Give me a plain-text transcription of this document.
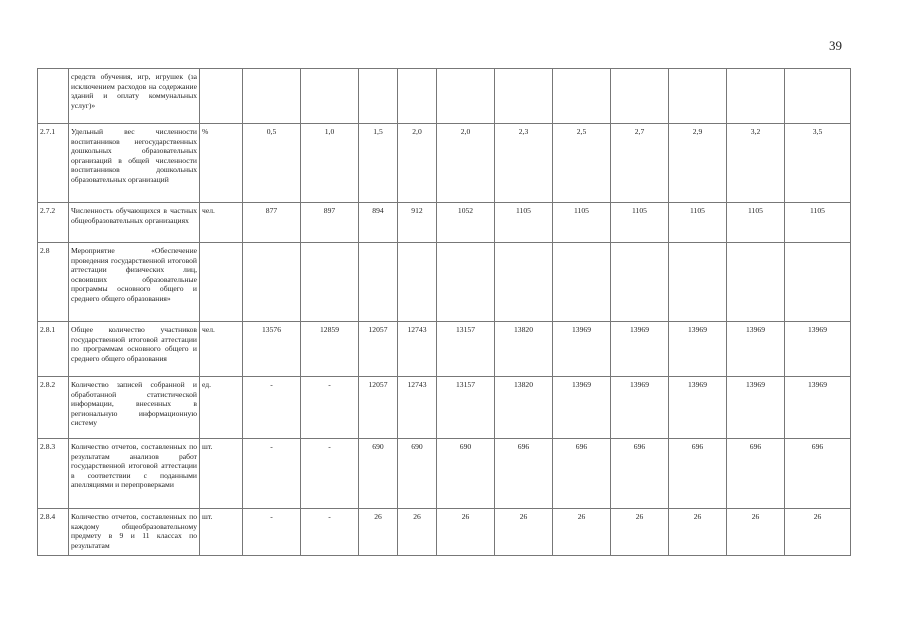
39
	средств обучения, игр, игрушек (за исключением расходов на содержание зданий и оплату коммунальных услуг)»												
2.7.1	Удельный вес численности воспитанников негосударственных дошкольных образовательных организаций в общей численности воспитанников дошкольных образовательных организаций	%	0,5	1,0	1,5	2,0	2,0	2,3	2,5	2,7	2,9	3,2	3,5
2.7.2	Численность обучающихся в частных общеобразовательных организациях	чел.	877	897	894	912	1052	1105	1105	1105	1105	1105	1105
2.8	Мероприятие «Обеспечение проведения государственной итоговой аттестации физических лиц, освоивших образовательные программы основного общего и среднего общего образования»												
2.8.1	Общее количество участников государственной итоговой аттестации по программам основного общего и среднего общего образования	чел.	13576	12859	12057	12743	13157	13820	13969	13969	13969	13969	13969
2.8.2	Количество записей собранной и обработанной статистической информации, внесенных в региональную информационную систему	ед.	-	-	12057	12743	13157	13820	13969	13969	13969	13969	13969
2.8.3	Количество отчетов, составленных по результатам анализов работ государственной итоговой аттестации в соответствии с поданными апелляциями и перепроверками	шт.	-	-	690	690	690	696	696	696	696	696	696
2.8.4	Количество отчетов, составленных по каждому общеобразовательному предмету в 9 и 11 классах по результатам	шт.	-	-	26	26	26	26	26	26	26	26	26
